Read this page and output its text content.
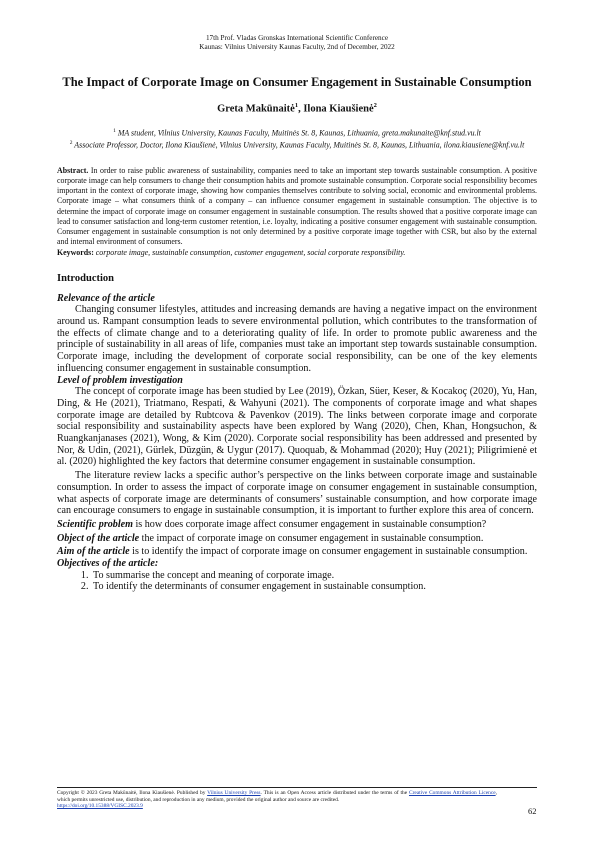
17th Prof. Vladas Gronskas International Scientific Conference
Kaunas: Vilnius University Kaunas Faculty, 2nd of December, 2022
The Impact of Corporate Image on Consumer Engagement in Sustainable Consumption
Greta Makūnaitė$^1$, Ilona Kiaušienė$^2$
$^1$ MA student, Vilnius University, Kaunas Faculty, Muitinės St. 8, Kaunas, Lithuania, greta.makunaite@knf.stud.vu.lt
$^2$ Associate Professor, Doctor, Ilona Kiaušienė, Vilnius University, Kaunas Faculty, Muitinės St. 8, Kaunas, Lithuania, ilona.kiausiene@knf.vu.lt
Abstract. In order to raise public awareness of sustainability, companies need to take an important step towards sustainable consumption. A positive corporate image can help consumers to change their consumption habits and promote sustainable consumption. Corporate social responsibility becomes important in the context of corporate image, showing how companies themselves contribute to solving social, economic and environmental problems. Corporate image – what consumers think of a company – can influence consumer engagement in sustainable consumption. The objective is to determine the impact of corporate image on consumer engagement in sustainable consumption. The results showed that a positive corporate image can lead to consumer satisfaction and long-term customer retention, i.e. loyalty, indicating a positive consumer engagement with sustainable consumption. Consumer engagement in sustainable consumption is not only determined by a positive corporate image together with CSR, but also by the external and internal environment of consumers.
Keywords: corporate image, sustainable consumption, customer engagement, social corporate responsibility.
Introduction
Relevance of the article
Changing consumer lifestyles, attitudes and increasing demands are having a negative impact on the environment around us. Rampant consumption leads to severe environmental pollution, which contributes to the transformation of the effects of climate change and to a deteriorating quality of life. In order to promote public awareness and the principle of sustainability in all areas of life, companies must take an important step towards sustainable consumption. Corporate image, including the development of corporate social responsibility, can be one of the key elements influencing consumer engagement in sustainable consumption.
Level of problem investigation
The concept of corporate image has been studied by Lee (2019), Özkan, Süer, Keser, & Kocakoç (2020), Yu, Han, Ding, & He (2021), Triatmano, Respati, & Wahyuni (2021). The components of corporate image and what shapes corporate image are detailed by Rubtcova & Pavenkov (2019). The links between corporate image and corporate social responsibility and sustainability aspects have been explored by Wang (2020), Chen, Khan, Hongsuchon, & Ruangkanjanases (2021), Wong, & Kim (2020). Corporate social responsibility has been addressed and presented by Nor, & Udin, (2021), Gürlek, Düzgün, & Uygur (2017). Quoquab, & Mohammad (2020); Huy (2021); Piligrimienė et al. (2020) highlighted the key factors that determine consumer engagement in sustainable consumption.
The literature review lacks a specific author’s perspective on the links between corporate image and sustainable consumption. In order to assess the impact of corporate image on consumer engagement in sustainable consumption, what aspects of corporate image are determinants of consumers’ sustainable consumption, and how corporate image can encourage consumers to engage in sustainable consumption, it is important to further explore this area of concern.
Scientific problem is how does corporate image affect consumer engagement in sustainable consumption?
Object of the article the impact of corporate image on consumer engagement in sustainable consumption.
Aim of the article is to identify the impact of corporate image on consumer engagement in sustainable consumption.
Objectives of the article:
1. To summarise the concept and meaning of corporate image.
2. To identify the determinants of consumer engagement in sustainable consumption.
Copyright © 2023 Greta Makūnaitė, Ilona Kiaušienė. Published by Vilnius University Press. This is an Open Access article distributed under the terms of the Creative Commons Attribution Licence, which permits unrestricted use, distribution, and reproduction in any medium, provided the original author and source are credited.
https://doi.org/10.15388/VGISC.2023.9	62
